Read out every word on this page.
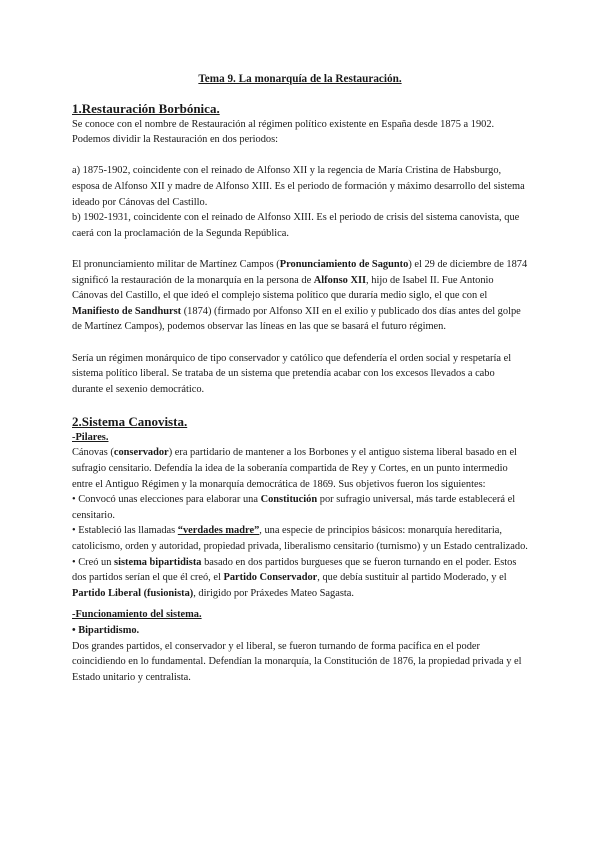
Tema 9. La monarquía de la Restauración.

1.Restauración Borbónica.

Se conoce con el nombre de Restauración al régimen político existente en España desde 1875 a 1902. Podemos dividir la Restauración en dos periodos:

a) 1875-1902, coincidente con el reinado de Alfonso XII y la regencia de María Cristina de Habsburgo, esposa de Alfonso XII y madre de Alfonso XIII. Es el periodo de formación y máximo desarrollo del sistema ideado por Cánovas del Castillo.

b) 1902-1931, coincidente con el reinado de Alfonso XIII. Es el periodo de crisis del sistema canovista, que caerá con la proclamación de la Segunda República.

El pronunciamiento militar de Martínez Campos (Pronunciamiento de Sagunto) el 29 de diciembre de 1874 significó la restauración de la monarquía en la persona de Alfonso XII, hijo de Isabel II. Fue Antonio Cánovas del Castillo, el que ideó el complejo sistema político que duraría medio siglo, el que con el Manifiesto de Sandhurst (1874) (firmado por Alfonso XII en el exilio y publicado dos días antes del golpe de Martínez Campos), podemos observar las líneas en las que se basará el futuro régimen.

Sería un régimen monárquico de tipo conservador y católico que defendería el orden social y respetaría el sistema político liberal. Se trataba de un sistema que pretendía acabar con los excesos llevados a cabo durante el sexenio democrático.

2.Sistema Canovista.

-Pilares.

Cánovas (conservador) era partidario de mantener a los Borbones y el antiguo sistema liberal basado en el sufragio censitario. Defendía la idea de la soberanía compartida de Rey y Cortes, en un punto intermedio entre el Antiguo Régimen y la monarquía democrática de 1869. Sus objetivos fueron los siguientes:

• Convocó unas elecciones para elaborar una Constitución por sufragio universal, más tarde establecerá el censitario.

• Estableció las llamadas “verdades madre”, una especie de principios básicos: monarquía hereditaria, catolicismo, orden y autoridad, propiedad privada, liberalismo censitario (turnismo) y un Estado centralizado.

• Creó un sistema bipartidista basado en dos partidos burgueses que se fueron turnando en el poder. Estos dos partidos serían el que él creó, el Partido Conservador, que debía sustituir al partido Moderado, y el Partido Liberal (fusionista), dirigido por Práxedes Mateo Sagasta.

-Funcionamiento del sistema.

• Bipartidismo.

Dos grandes partidos, el conservador y el liberal, se fueron turnando de forma pacífica en el poder coincidiendo en lo fundamental. Defendían la monarquía, la Constitución de 1876, la propiedad privada y el Estado unitario y centralista.
